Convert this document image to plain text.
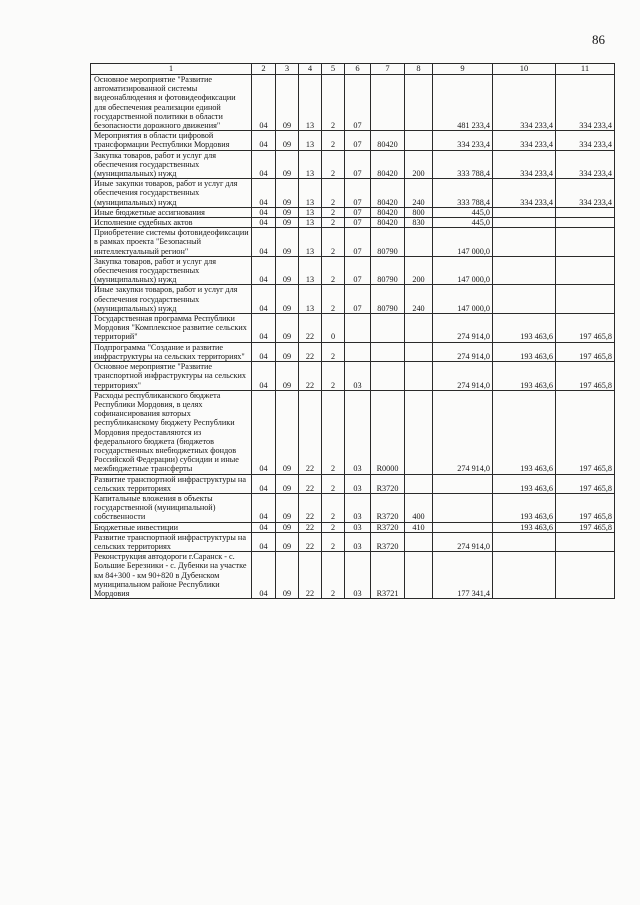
86
1	2	3	4	5	6	7	8	9	10	11
Основное мероприятие "Развитие автоматизированной системы видеонаблюдения и фотовидеофиксации для обеспечения реализации единой государственной политики в области безопасности дорожного движения"	04	09	13	2	07			481 233,4	334 233,4	334 233,4
Мероприятия в области цифровой трансформации Республики Мордовия	04	09	13	2	07	80420		334 233,4	334 233,4	334 233,4
Закупка товаров, работ и услуг для обеспечения государственных (муниципальных) нужд	04	09	13	2	07	80420	200	333 788,4	334 233,4	334 233,4
Иные закупки товаров, работ и услуг для обеспечения государственных (муниципальных) нужд	04	09	13	2	07	80420	240	333 788,4	334 233,4	334 233,4
Иные бюджетные ассигнования	04	09	13	2	07	80420	800	445,0		
Исполнение судебных актов	04	09	13	2	07	80420	830	445,0		
Приобретение системы фотовидеофиксации в рамках проекта "Безопасный интеллектуальный регион"	04	09	13	2	07	80790		147 000,0		
Закупка товаров, работ и услуг для обеспечения государственных (муниципальных) нужд	04	09	13	2	07	80790	200	147 000,0		
Иные закупки товаров, работ и услуг для обеспечения государственных (муниципальных) нужд	04	09	13	2	07	80790	240	147 000,0		
Государственная программа Республики Мордовия "Комплексное развитие сельских территорий"	04	09	22	0				274 914,0	193 463,6	197 465,8
Подпрограмма "Создание и развитие инфраструктуры на сельских территориях"	04	09	22	2				274 914,0	193 463,6	197 465,8
Основное мероприятие "Развитие транспортной инфраструктуры на сельских территориях"	04	09	22	2	03			274 914,0	193 463,6	197 465,8
Расходы республиканского бюджета Республики Мордовия, в целях софинансирования которых республиканскому бюджету Республики Мордовия предоставляются из федерального бюджета (бюджетов государственных внебюджетных фондов Российской Федерации) субсидии и иные межбюджетные трансферты	04	09	22	2	03	R0000		274 914,0	193 463,6	197 465,8
Развитие транспортной инфраструктуры на сельских территориях	04	09	22	2	03	R3720			193 463,6	197 465,8
Капитальные вложения в объекты государственной (муниципальной) собственности	04	09	22	2	03	R3720	400		193 463,6	197 465,8
Бюджетные инвестиции	04	09	22	2	03	R3720	410		193 463,6	197 465,8
Развитие транспортной инфраструктуры на сельских территориях	04	09	22	2	03	R3720		274 914,0		
Реконструкция автодороги г.Саранск - с. Большие Березники - с. Дубенки на участке км 84+300 - км 90+820 в Дубенском муниципальном районе Республики Мордовия	04	09	22	2	03	R3721		177 341,4		
